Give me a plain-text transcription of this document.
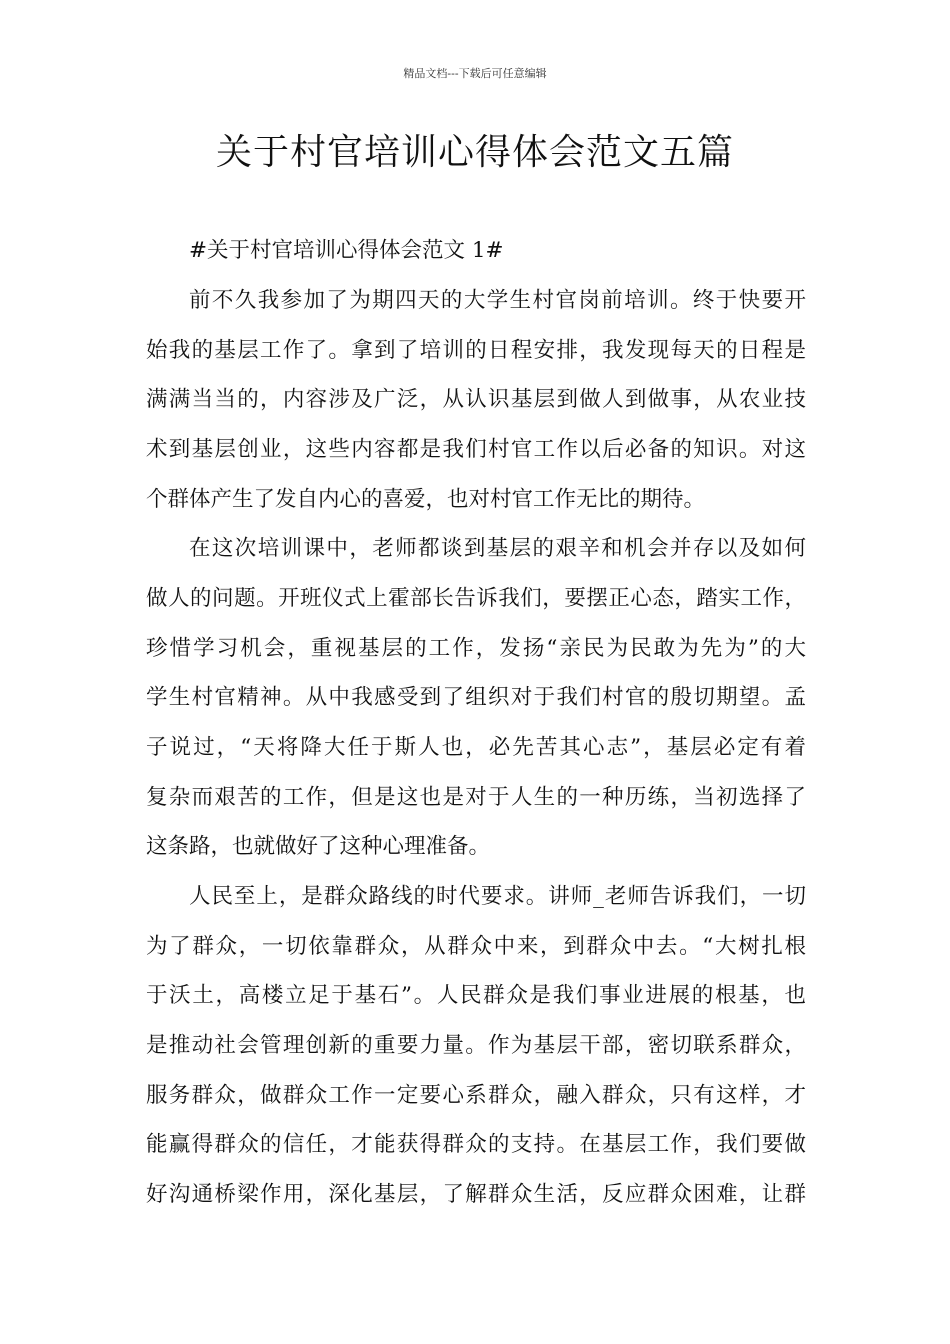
精品文档---下载后可任意编辑
关于村官培训心得体会范文五篇
#关于村官培训心得体会范文 1#
前不久我参加了为期四天的大学生村官岗前培训。终于快要开
始我的基层工作了。拿到了培训的日程安排，我发现每天的日程是
满满当当的，内容涉及广泛，从认识基层到做人到做事，从农业技
术到基层创业，这些内容都是我们村官工作以后必备的知识。对这
个群体产生了发自内心的喜爱，也对村官工作无比的期待。
在这次培训课中，老师都谈到基层的艰辛和机会并存以及如何
做人的问题。开班仪式上霍部长告诉我们，要摆正心态，踏实工作，
珍惜学习机会，重视基层的工作，发扬“亲民为民敢为先为”的大
学生村官精神。从中我感受到了组织对于我们村官的殷切期望。孟
子说过，“天将降大任于斯人也，必先苦其心志”，基层必定有着
复杂而艰苦的工作，但是这也是对于人生的一种历练，当初选择了
这条路，也就做好了这种心理准备。
人民至上，是群众路线的时代要求。讲师_老师告诉我们，一切
为了群众，一切依靠群众，从群众中来，到群众中去。“大树扎根
于沃土，高楼立足于基石”。人民群众是我们事业进展的根基，也
是推动社会管理创新的重要力量。作为基层干部，密切联系群众，
服务群众，做群众工作一定要心系群众，融入群众，只有这样，才
能赢得群众的信任，才能获得群众的支持。在基层工作，我们要做
好沟通桥梁作用，深化基层，了解群众生活，反应群众困难，让群
